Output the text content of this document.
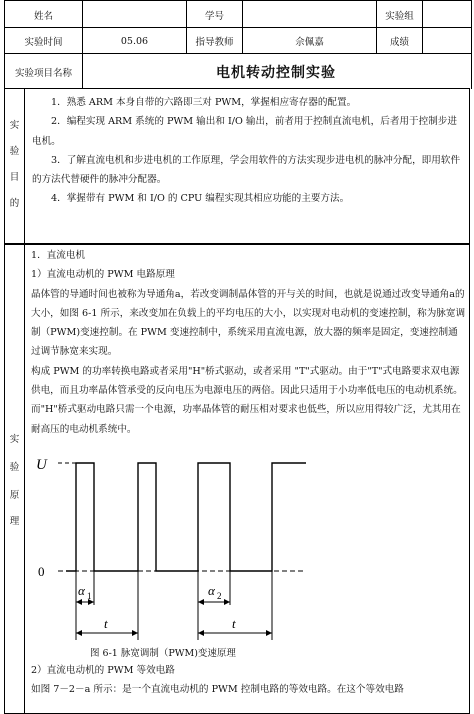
姓名	学号	实验组
实验时间	05.06	指导教师	佘佩嘉	成绩
实验项目名称	电机转动控制实验
实
验
目
的

1．熟悉 ARM 本身自带的六路即三对 PWM，掌握相应寄存器的配置。

2．编程实现 ARM 系统的 PWM 输出和 I/O 输出，前者用于控制直流电机，后者用于控制步进电机。

3．了解直流电机和步进电机的工作原理，学会用软件的方法实现步进电机的脉冲分配，即用软件的方法代替硬件的脉冲分配器。

4．掌握带有 PWM 和 I/O 的 CPU 编程实现其相应功能的主要方法。

实
验
原
理

1．直流电机

1）直流电动机的 PWM 电路原理

晶体管的导通时间也被称为导通角a，若改变调制晶体管的开与关的时间，也就是说通过改变导通角a的大小，如图 6-1 所示，来改变加在负载上的平均电压的大小，以实现对电动机的变速控制，称为脉宽调制（PWM)变速控制。在 PWM 变速控制中，系统采用直流电源，放大器的频率是固定，变速控制通过调节脉宽来实现。

构成 PWM 的功率转换电路或者采用"H"桥式驱动，或者采用 "T"式驱动。由于"T"式电路要求双电源供电，而且功率晶体管承受的反向电压为电源电压的两倍。因此只适用于小功率低电压的电动机系统。而"H"桥式驱动电路只需一个电源，功率晶体管的耐压相对要求也低些，所以应用得较广泛，尤其用在耐高压的电动机系统中。

U
0
α 1	α 2
t	t
图 6-1 脉宽调制（PWM)变速原理

2）直流电动机的 PWM 等效电路

如图 7－2－a 所示：是一个直流电动机的 PWM 控制电路的等效电路。在这个等效电路
